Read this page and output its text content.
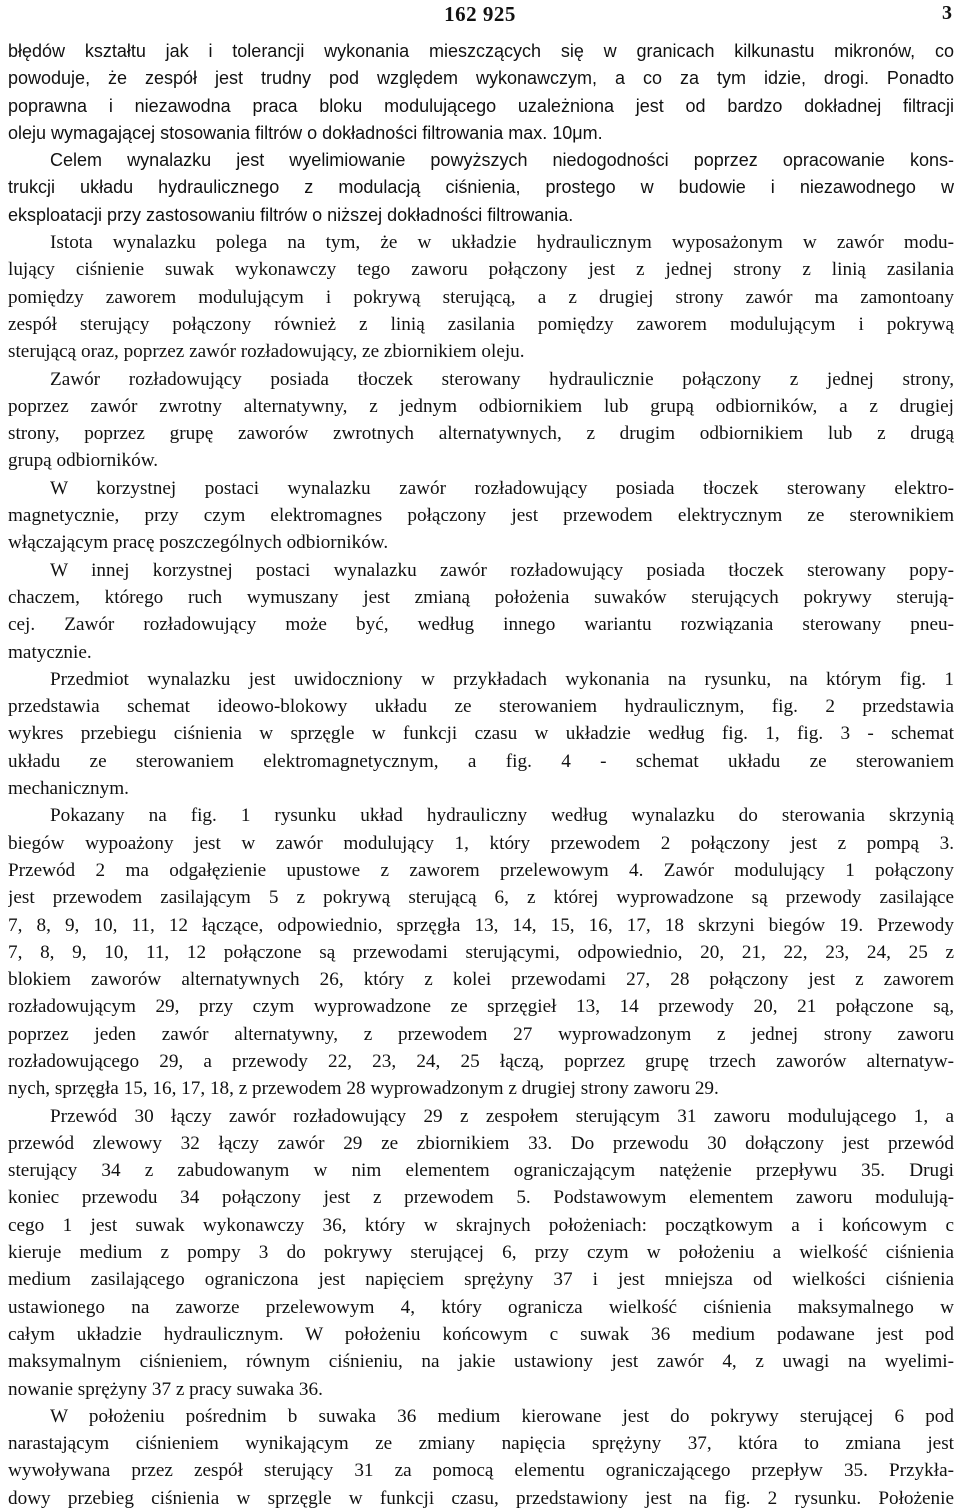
162 925	3
błędów kształtu jak i tolerancji wykonania mieszczących się w granicach kilkunastu mikronów, co
powoduje, że zespół jest trudny pod względem wykonawczym, a co za tym idzie, drogi. Ponadto
poprawna i niezawodna praca bloku modulującego uzależniona jest od bardzo dokładnej filtracji
oleju wymagającej stosowania filtrów o dokładności filtrowania max. 10μm.
Celem wynalazku jest wyelimiowanie powyższych niedogodności poprzez opracowanie kons-
trukcji układu hydraulicznego z modulacją ciśnienia, prostego w budowie i niezawodnego w
eksploatacji przy zastosowaniu filtrów o niższej dokładności filtrowania.
Istota wynalazku polega na tym, że w układzie hydraulicznym wyposażonym w zawór modu-
lujący ciśnienie suwak wykonawczy tego zaworu połączony jest z jednej strony z linią zasilania
pomiędzy zaworem modulującym i pokrywą sterującą, a z drugiej strony zawór ma zamontoany
zespół sterujący połączony również z linią zasilania pomiędzy zaworem modulującym i pokrywą
sterującą oraz, poprzez zawór rozładowujący, ze zbiornikiem oleju.
Zawór rozładowujący posiada tłoczek sterowany hydraulicznie połączony z jednej strony,
poprzez zawór zwrotny alternatywny, z jednym odbiornikiem lub grupą odbiorników, a z drugiej
strony, poprzez grupę zaworów zwrotnych alternatywnych, z drugim odbiornikiem lub z drugą
grupą odbiorników.
W korzystnej postaci wynalazku zawór rozładowujący posiada tłoczek sterowany elektro-
magnetycznie, przy czym elektromagnes połączony jest przewodem elektrycznym ze sterownikiem
włączającym pracę poszczególnych odbiorników.
W innej korzystnej postaci wynalazku zawór rozładowujący posiada tłoczek sterowany popy-
chaczem, którego ruch wymuszany jest zmianą położenia suwaków sterujących pokrywy sterują-
cej. Zawór rozładowujący może być, według innego wariantu rozwiązania sterowany pneu-
matycznie.
Przedmiot wynalazku jest uwidoczniony w przykładach wykonania na rysunku, na którym fig. 1
przedstawia schemat ideowo-blokowy układu ze sterowaniem hydraulicznym, fig. 2 przedstawia
wykres przebiegu ciśnienia w sprzęgle w funkcji czasu w układzie według fig. 1, fig. 3 - schemat
układu ze sterowaniem elektromagnetycznym, a fig. 4 - schemat układu ze sterowaniem
mechanicznym.
Pokazany na fig. 1 rysunku układ hydrauliczny według wynalazku do sterowania skrzynią
biegów wypoażony jest w zawór modulujący 1, który przewodem 2 połączony jest z pompą 3.
Przewód 2 ma odgałęzienie upustowe z zaworem przelewowym 4. Zawór modulujący 1 połączony
jest przewodem zasilającym 5 z pokrywą sterującą 6, z której wyprowadzone są przewody zasilające
7, 8, 9, 10, 11, 12 łączące, odpowiednio, sprzęgła 13, 14, 15, 16, 17, 18 skrzyni biegów 19. Przewody
7, 8, 9, 10, 11, 12 połączone są przewodami sterującymi, odpowiednio, 20, 21, 22, 23, 24, 25 z
blokiem zaworów alternatywnych 26, który z kolei przewodami 27, 28 połączony jest z zaworem
rozładowującym 29, przy czym wyprowadzone ze sprzęgieł 13, 14 przewody 20, 21 połączone są,
poprzez jeden zawór alternatywny, z przewodem 27 wyprowadzonym z jednej strony zaworu
rozładowującego 29, a przewody 22, 23, 24, 25 łączą, poprzez grupę trzech zaworów alternatyw-
nych, sprzęgła 15, 16, 17, 18, z przewodem 28 wyprowadzonym z drugiej strony zaworu 29.
Przewód 30 łączy zawór rozładowujący 29 z zespołem sterującym 31 zaworu modulującego 1, a
przewód zlewowy 32 łączy zawór 29 ze zbiornikiem 33. Do przewodu 30 dołączony jest przewód
sterujący 34 z zabudowanym w nim elementem ograniczającym natężenie przepływu 35. Drugi
koniec przewodu 34 połączony jest z przewodem 5. Podstawowym elementem zaworu modulują-
cego 1 jest suwak wykonawczy 36, który w skrajnych położeniach: początkowym a i końcowym c
kieruje medium z pompy 3 do pokrywy sterującej 6, przy czym w położeniu a wielkość ciśnienia
medium zasilającego ograniczona jest napięciem sprężyny 37 i jest mniejsza od wielkości ciśnienia
ustawionego na zaworze przelewowym 4, który ogranicza wielkość ciśnienia maksymalnego w
całym układzie hydraulicznym. W położeniu końcowym c suwak 36 medium podawane jest pod
maksymalnym ciśnieniem, równym ciśnieniu, na jakie ustawiony jest zawór 4, z uwagi na wyelimi-
nowanie sprężyny 37 z pracy suwaka 36.
W położeniu pośrednim b suwaka 36 medium kierowane jest do pokrywy sterującej 6 pod
narastającym ciśnieniem wynikającym ze zmiany napięcia sprężyny 37, która to zmiana jest
wywoływana przez zespół sterujący 31 za pomocą elementu ograniczającego przepływ 35. Przykła-
dowy przebieg ciśnienia w sprzęgle w funkcji czasu, przedstawiony jest na fig. 2 rysunku. Położenie
